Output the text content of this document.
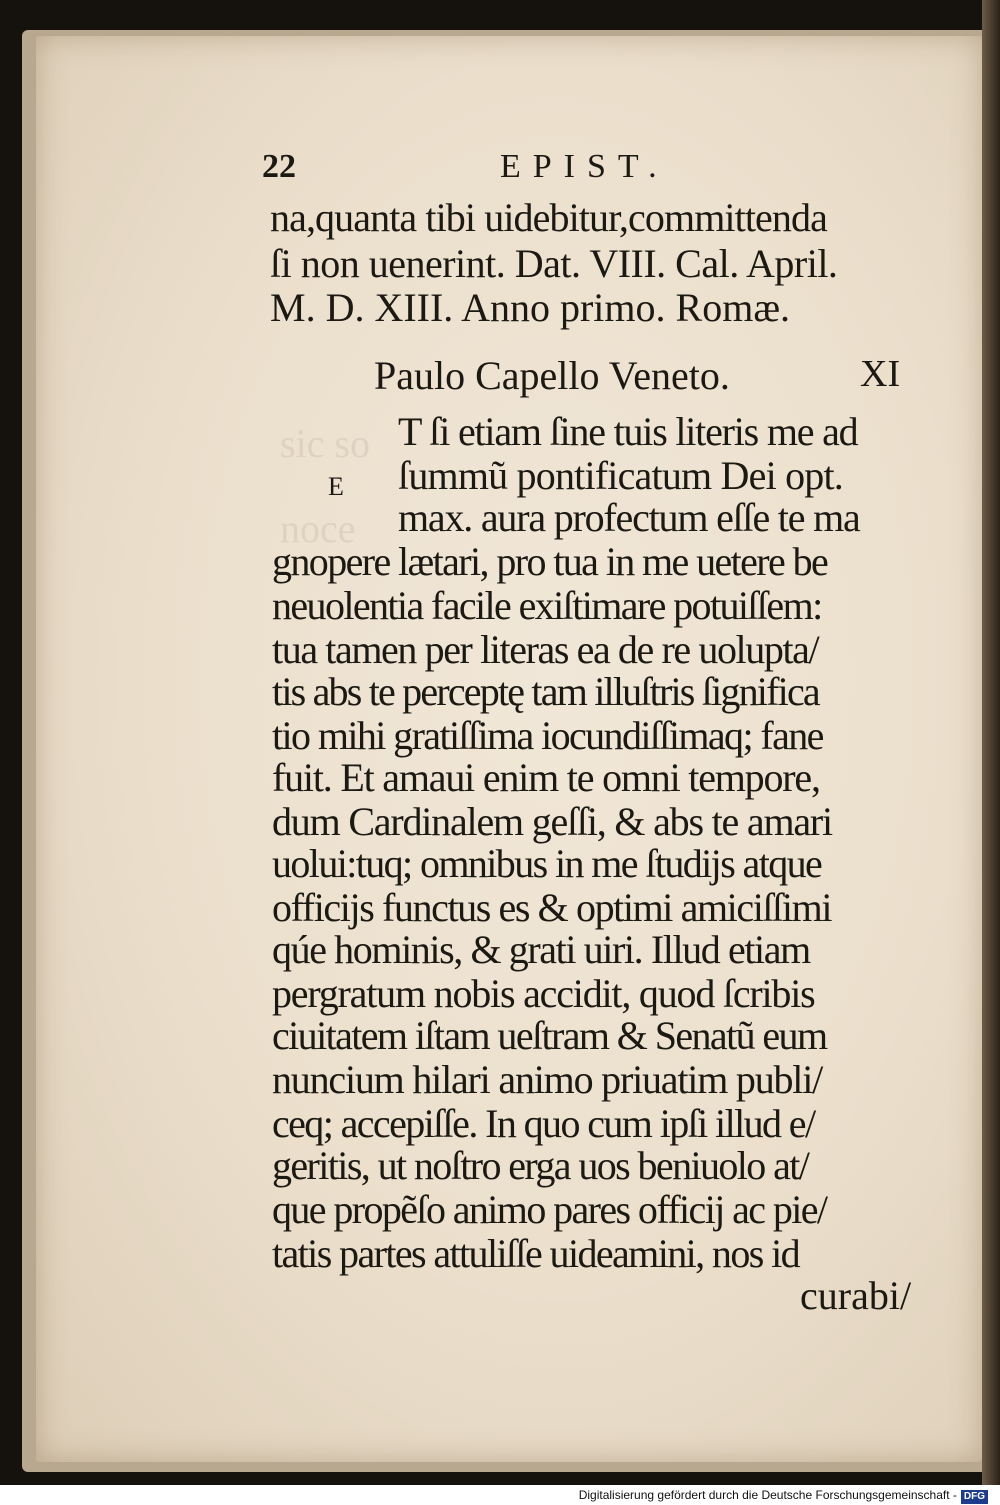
sic so
noce
22	EPIST.
na,quanta tibi uidebitur,committenda
ſi non uenerint. Dat. VIII. Cal. April.
M. D. XIII. Anno primo. Romæ.
Paulo Capello Veneto.	XI
E
T ſi etiam ſine tuis literis me ad
ſummũ pontificatum Dei opt.
max. aura profectum eſſe te ma
gnopere lætari, pro tua in me uetere be
neuolentia facile exiſtimare potuiſſem:
tua tamen per literas ea de re uolupta/
tis abs te perceptę tam illuſtris ſignifica
tio mihi gratiſſima iocundiſſimaq; fane
fuit. Et amaui enim te omni tempore,
dum Cardinalem geſſi, & abs te amari
uolui:tuq; omnibus in me ſtudijs atque
officijs functus es & optimi amiciſſimi
qúe hominis, & grati uiri. Illud etiam
pergratum nobis accidit, quod ſcribis
ciuitatem iſtam ueſtram & Senatũ eum
nuncium hilari animo priuatim publi/
ceq; accepiſſe. In quo cum ipſi illud e/
geritis, ut noſtro erga uos beniuolo at/
que propẽſo animo pares officij ac pie/
tatis partes attuliſſe uideamini, nos id
curabi/
Digitalisierung gefördert durch die Deutsche Forschungsgemeinschaft - DFG
